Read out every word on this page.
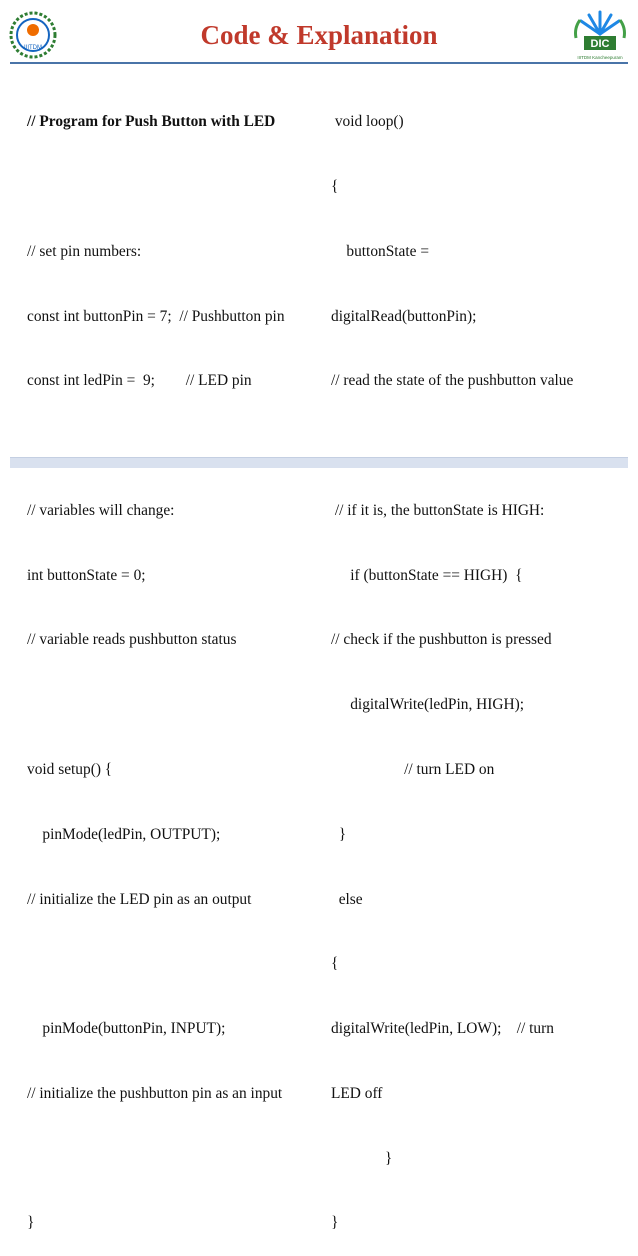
IIITDM	Code & Explanation	DIC
IIITDM Kancheepuram

// Program for Push Button with LED

// set pin numbers:

const int buttonPin = 7;  // Pushbutton pin

const int ledPin =  9;        // LED pin

// variables will change:

int buttonState = 0;

// variable reads pushbutton status

void setup() {

pinMode(ledPin, OUTPUT);

// initialize the LED pin as an output

pinMode(buttonPin, INPUT);

// initialize the pushbutton pin as an input

}

void loop()

{

buttonState =

digitalRead(buttonPin);

// read the state of the pushbutton value

// if it is, the buttonState is HIGH:

if (buttonState == HIGH)  {

// check if the pushbutton is pressed

digitalWrite(ledPin, HIGH);

// turn LED on

}

else

{

digitalWrite(ledPin, LOW);    // turn

LED off

}

}
